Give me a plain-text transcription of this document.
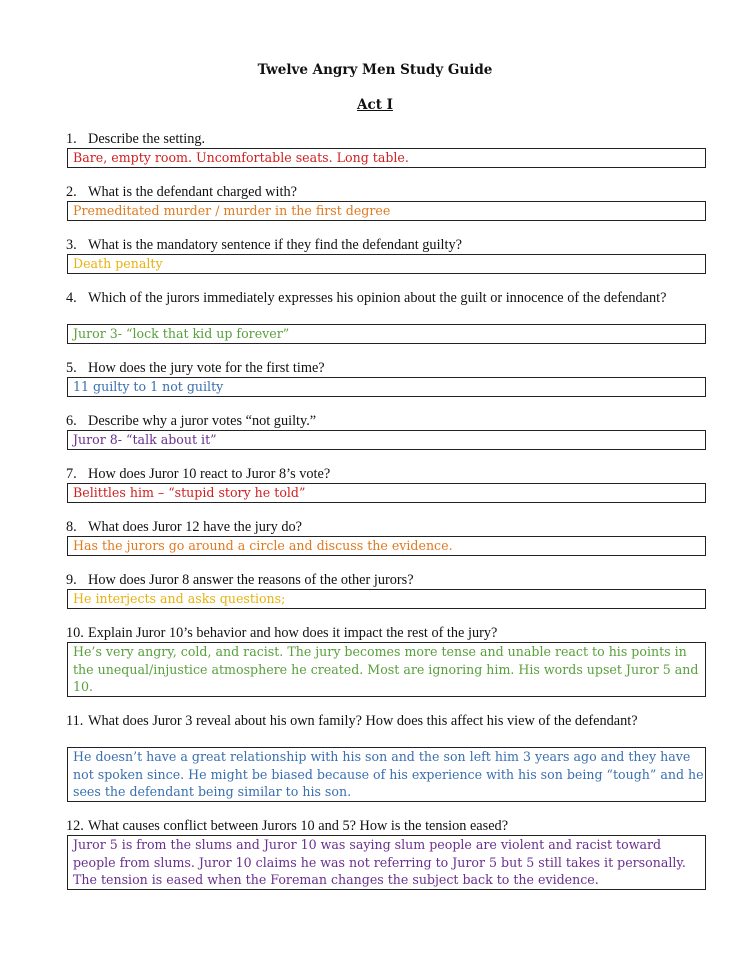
Twelve Angry Men Study Guide
Act I
1. Describe the setting.
Bare, empty room. Uncomfortable seats. Long table.
2. What is the defendant charged with?
Premeditated murder / murder in the first degree
3. What is the mandatory sentence if they find the defendant guilty?
Death penalty
4. Which of the jurors immediately expresses his opinion about the guilt or innocence of the defendant?
Juror 3- “lock that kid up forever”
5. How does the jury vote for the first time?
11 guilty to 1 not guilty
6. Describe why a juror votes “not guilty.”
Juror 8- “talk about it”
7. How does Juror 10 react to Juror 8’s vote?
Belittles him – “stupid story he told”
8. What does Juror 12 have the jury do?
Has the jurors go around a circle and discuss the evidence.
9. How does Juror 8 answer the reasons of the other jurors?
He interjects and asks questions;
10. Explain Juror 10’s behavior and how does it impact the rest of the jury?
He’s very angry, cold, and racist. The jury becomes more tense and unable react to his points in the unequal/injustice atmosphere he created. Most are ignoring him. His words upset Juror 5 and 10.
11. What does Juror 3 reveal about his own family? How does this affect his view of the defendant?
He doesn’t have a great relationship with his son and the son left him 3 years ago and they have not spoken since. He might be biased because of his experience with his son being “tough” and he sees the defendant being similar to his son.
12. What causes conflict between Jurors 10 and 5? How is the tension eased?
Juror 5 is from the slums and Juror 10 was saying slum people are violent and racist toward people from slums. Juror 10 claims he was not referring to Juror 5 but 5 still takes it personally. The tension is eased when the Foreman changes the subject back to the evidence.
